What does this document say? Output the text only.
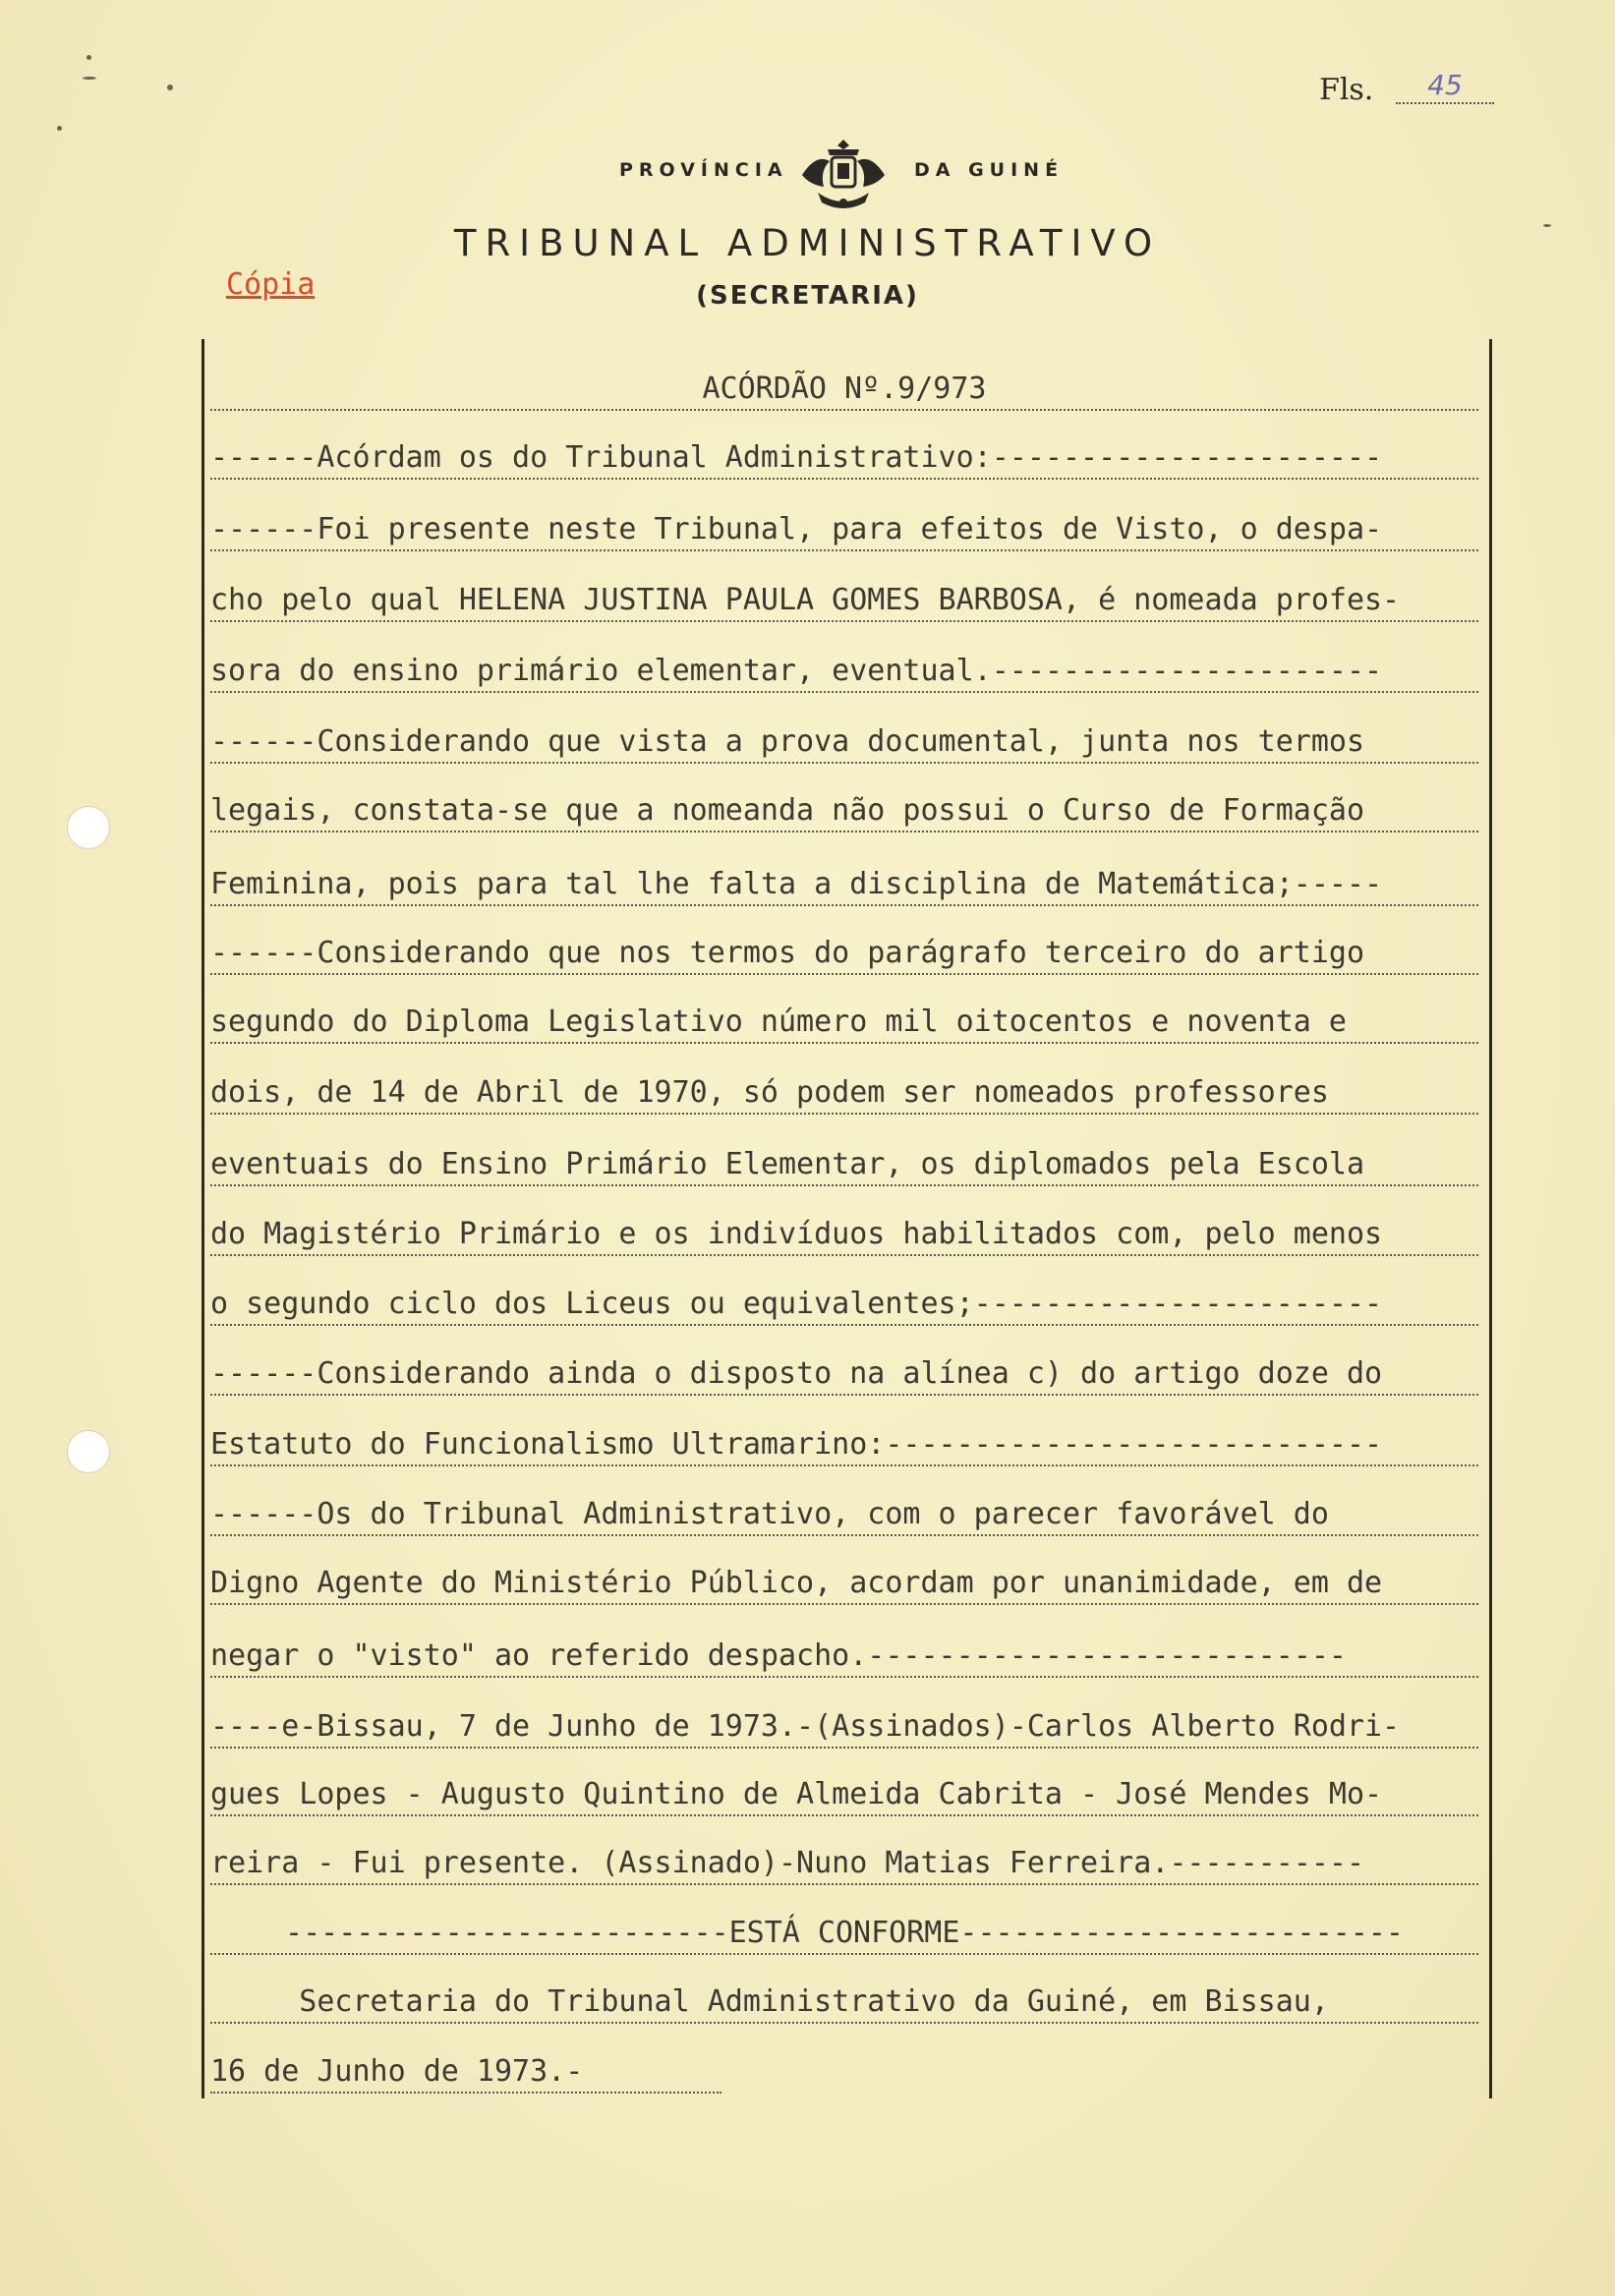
Fls.	45
PROVÍNCIA	DA GUINÉ
TRIBUNAL ADMINISTRATIVO
(SECRETARIA)
Cópia
ACÓRDÃO Nº.9/973
------Acórdam os do Tribunal Administrativo:----------------------
------Foi presente neste Tribunal, para efeitos de Visto, o despa-
cho pelo qual HELENA JUSTINA PAULA GOMES BARBOSA, é nomeada profes-
sora do ensino primário elementar, eventual.----------------------
------Considerando que vista a prova documental, junta nos termos
legais, constata-se que a nomeanda não possui o Curso de Formação
Feminina, pois para tal lhe falta a disciplina de Matemática;-----
------Considerando que nos termos do parágrafo terceiro do artigo
segundo do Diploma Legislativo número mil oitocentos e noventa e
dois, de 14 de Abril de 1970, só podem ser nomeados professores
eventuais do Ensino Primário Elementar, os diplomados pela Escola
do Magistério Primário e os indivíduos habilitados com, pelo menos
o segundo ciclo dos Liceus ou equivalentes;-----------------------
------Considerando ainda o disposto na alínea c) do artigo doze do
Estatuto do Funcionalismo Ultramarino:----------------------------
------Os do Tribunal Administrativo, com o parecer favorável do
Digno Agente do Ministério Público, acordam por unanimidade, em de
negar o "visto" ao referido despacho.---------------------------
----e-Bissau, 7 de Junho de 1973.-(Assinados)-Carlos Alberto Rodri-
gues Lopes - Augusto Quintino de Almeida Cabrita - José Mendes Mo-
reira - Fui presente. (Assinado)-Nuno Matias Ferreira.-----------
-------------------------ESTÁ CONFORME-------------------------
Secretaria do Tribunal Administrativo da Guiné, em Bissau,
16 de Junho de 1973.-
